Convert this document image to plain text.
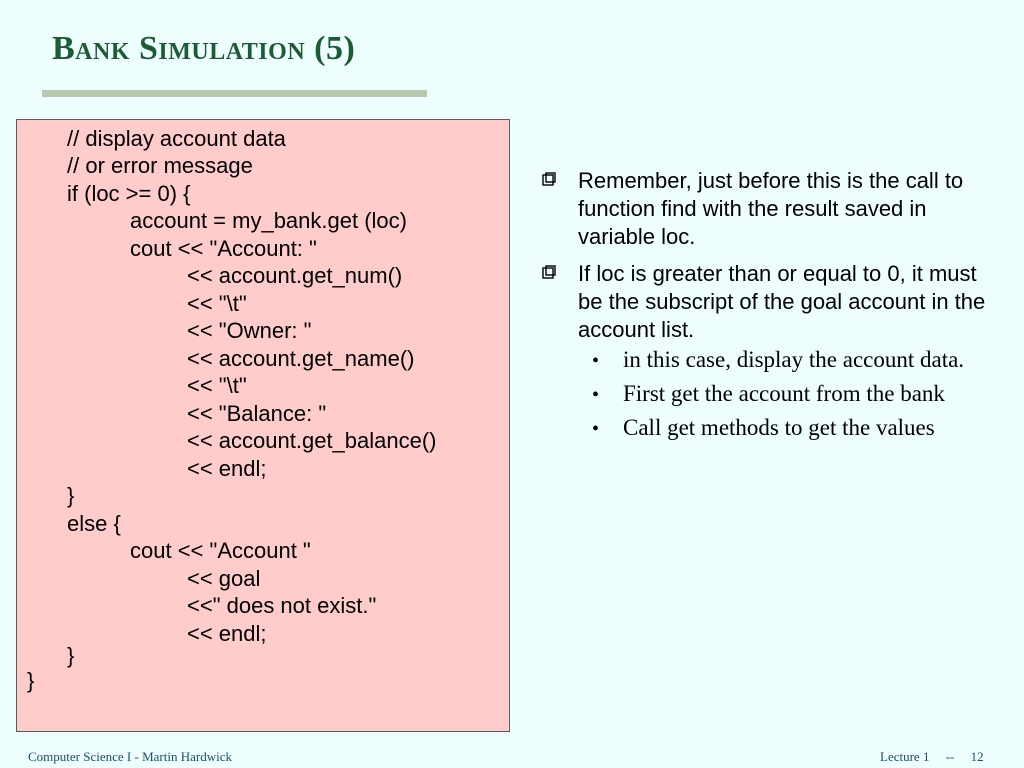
Bank Simulation (5)
// display account data
// or error message
if (loc >= 0) {
account = my_bank.get (loc)
cout << "Account: "
<< account.get_num()
<< "\t"
<< "Owner: "
<< account.get_name()
<< "\t"
<< "Balance: "
<< account.get_balance()
<< endl;
}
else {
cout << "Account "
<< goal
<<" does not exist."
<< endl;
}
}
Remember, just before this is the call to function find with the result saved in variable loc.
If loc is greater than or equal to 0, it must be the subscript of the goal account in the account list.
• in this case, display the account data.
• First get the account from the bank
• Call get methods to get the values
Computer Science I - Martin Hardwick	Lecture 1     --     12
